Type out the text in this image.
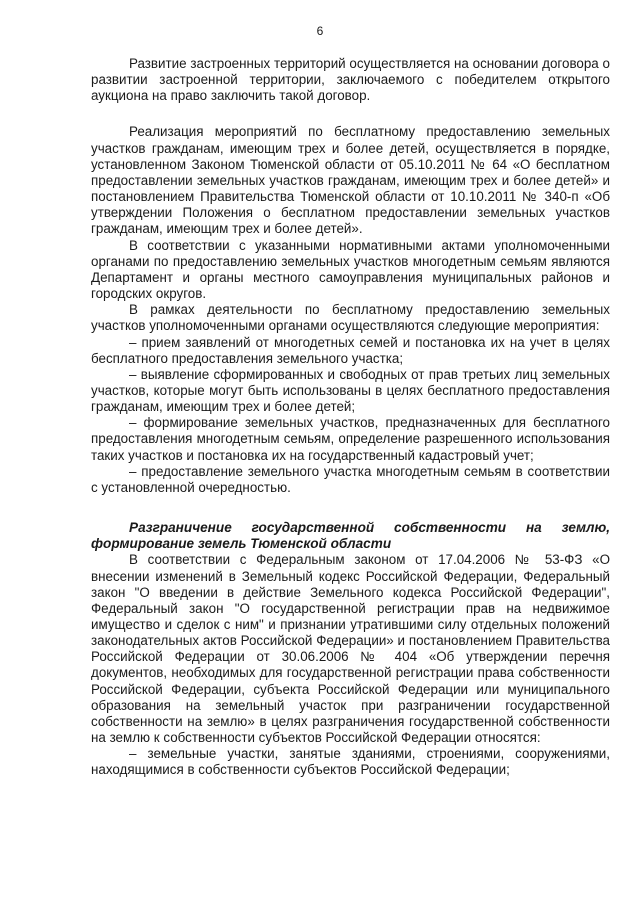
6

Развитие застроенных территорий осуществляется на основании договора о развитии застроенной территории, заключаемого с победителем открытого аукциона на право заключить такой договор.

Реализация мероприятий по бесплатному предоставлению земельных участков гражданам, имеющим трех и более детей, осуществляется в порядке, установленном Законом Тюменской области от 05.10.2011 № 64 «О бесплатном предоставлении земельных участков гражданам, имеющим трех и более детей» и постановлением Правительства Тюменской области от 10.10.2011 № 340-п «Об утверждении Положения о бесплатном предоставлении земельных участков гражданам, имеющим трех и более детей».

В соответствии с указанными нормативными актами уполномоченными органами по предоставлению земельных участков многодетным семьям являются Департамент и органы местного самоуправления муниципальных районов и городских округов.

В рамках деятельности по бесплатному предоставлению земельных участков уполномоченными органами осуществляются следующие мероприятия:

– прием заявлений от многодетных семей и постановка их на учет в целях бесплатного предоставления земельного участка;

– выявление сформированных и свободных от прав третьих лиц земельных участков, которые могут быть использованы в целях бесплатного предоставления гражданам, имеющим трех и более детей;

– формирование земельных участков, предназначенных для бесплатного предоставления многодетным семьям, определение разрешенного использования таких участков и постановка их на государственный кадастровый учет;

– предоставление земельного участка многодетным семьям в соответствии с установленной очередностью.

Разграничение государственной собственности на землю, формирование земель Тюменской области

В соответствии с Федеральным законом от 17.04.2006 № 53-ФЗ «О внесении изменений в Земельный кодекс Российской Федерации, Федеральный закон "О введении в действие Земельного кодекса Российской Федерации", Федеральный закон "О государственной регистрации прав на недвижимое имущество и сделок с ним" и признании утратившими силу отдельных положений законодательных актов Российской Федерации» и постановлением Правительства Российской Федерации от 30.06.2006 № 404 «Об утверждении перечня документов, необходимых для государственной регистрации права собственности Российской Федерации, субъекта Российской Федерации или муниципального образования на земельный участок при разграничении государственной собственности на землю» в целях разграничения государственной собственности на землю к собственности субъектов Российской Федерации относятся:

– земельные участки, занятые зданиями, строениями, сооружениями, находящимися в собственности субъектов Российской Федерации;
